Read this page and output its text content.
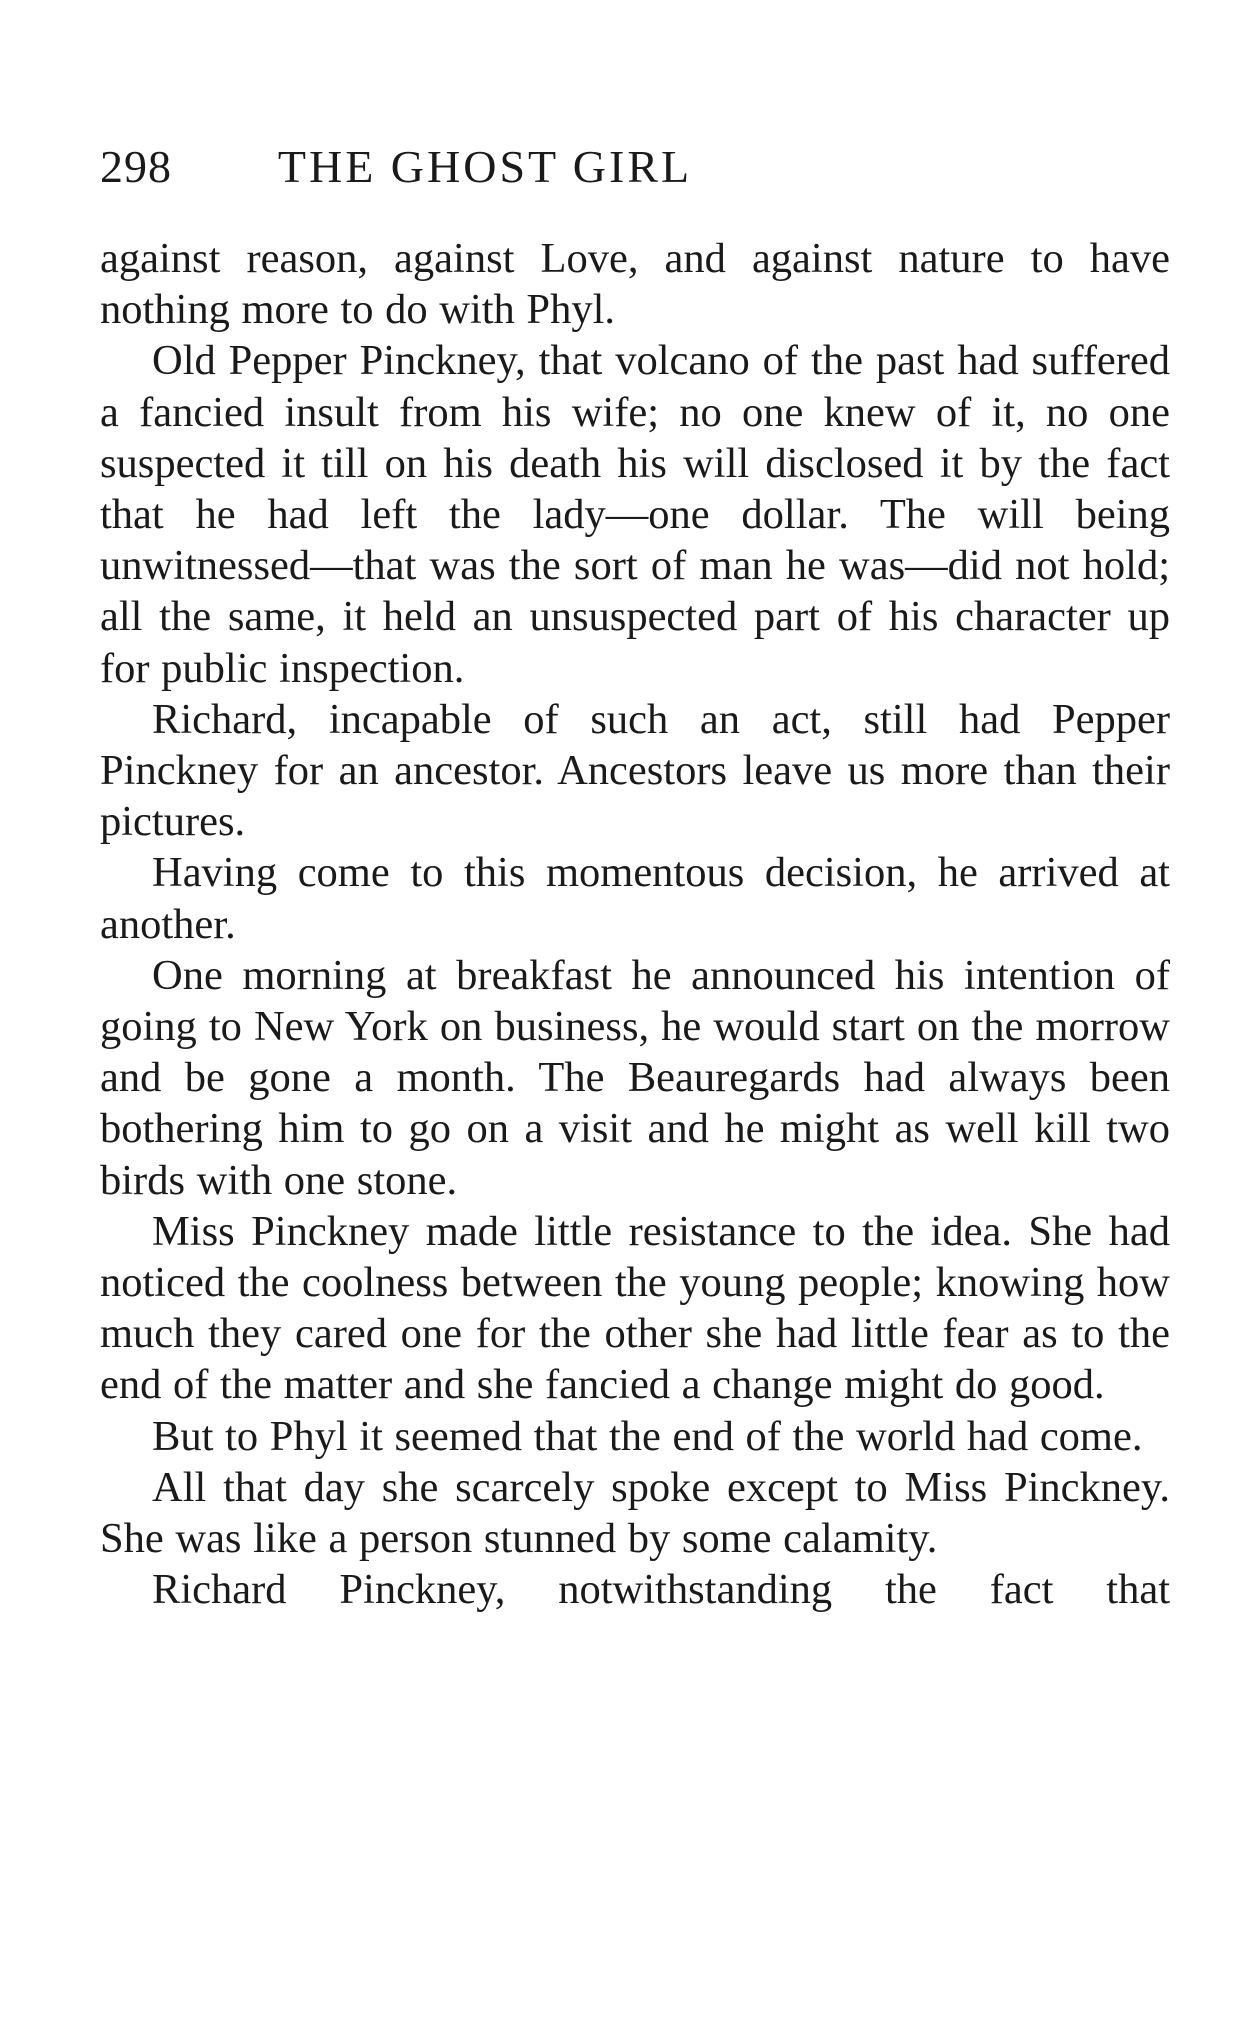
298	THE GHOST GIRL

against reason, against Love, and against nature to have nothing more to do with Phyl.

Old Pepper Pinckney, that volcano of the past had suffered a fancied insult from his wife; no one knew of it, no one suspected it till on his death his will disclosed it by the fact that he had left the lady—one dollar. The will being unwitnessed—that was the sort of man he was—did not hold; all the same, it held an unsuspected part of his character up for public inspection.

Richard, incapable of such an act, still had Pepper Pinckney for an ancestor. Ancestors leave us more than their pictures.

Having come to this momentous decision, he arrived at another.

One morning at breakfast he announced his intention of going to New York on business, he would start on the morrow and be gone a month. The Beauregards had always been bothering him to go on a visit and he might as well kill two birds with one stone.

Miss Pinckney made little resistance to the idea. She had noticed the coolness between the young people; knowing how much they cared one for the other she had little fear as to the end of the matter and she fancied a change might do good.

But to Phyl it seemed that the end of the world had come.

All that day she scarcely spoke except to Miss Pinckney. She was like a person stunned by some calamity.

Richard Pinckney, notwithstanding the fact that
